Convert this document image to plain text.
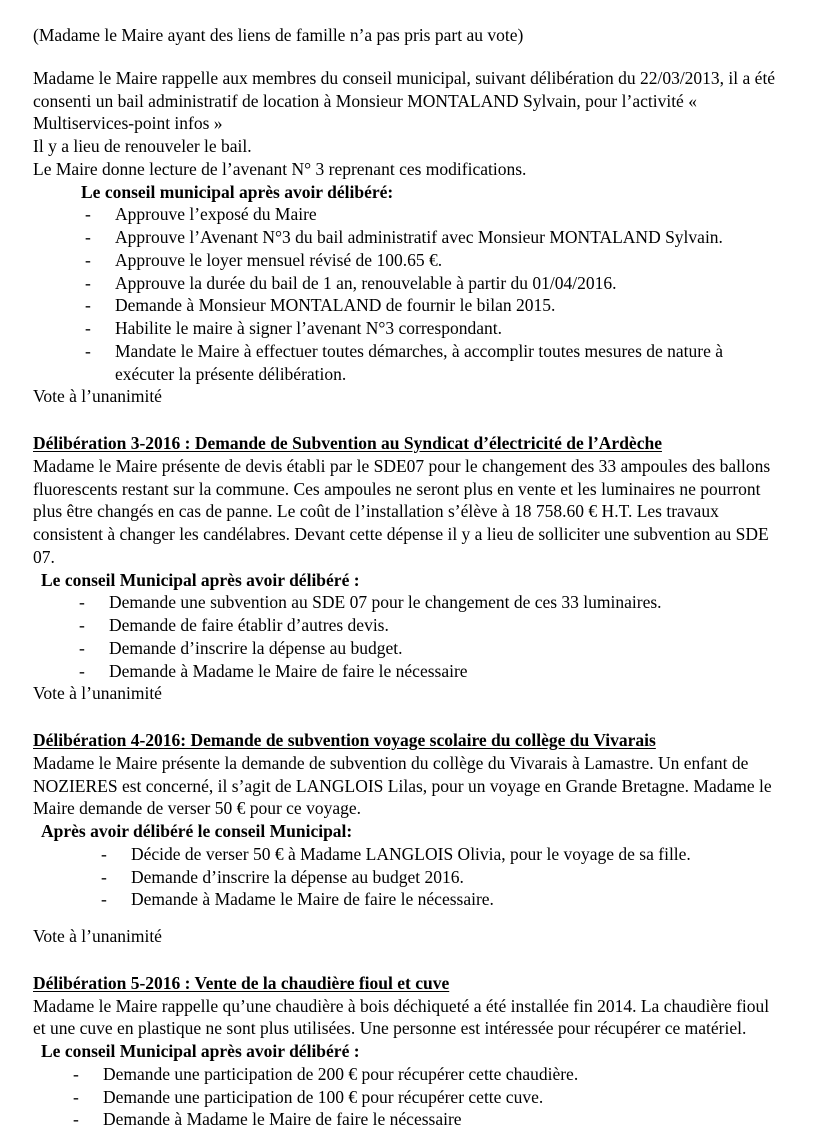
(Madame le Maire ayant des liens de famille n’a pas pris part au vote)

Madame le Maire rappelle aux membres du conseil municipal, suivant délibération du 22/03/2013, il a été consenti un bail administratif de location à Monsieur MONTALAND Sylvain, pour l’activité « Multiservices-point infos »

Il y a lieu de renouveler le bail.

Le Maire donne lecture de l’avenant N° 3 reprenant ces modifications.

Le conseil municipal après avoir délibéré:

- Approuve l’exposé du Maire
- Approuve l’Avenant N°3 du bail administratif avec Monsieur MONTALAND Sylvain.
- Approuve le loyer mensuel révisé de 100.65 €.
- Approuve la durée du bail de 1 an, renouvelable à partir du 01/04/2016.
- Demande à Monsieur MONTALAND de fournir le bilan 2015.
- Habilite le maire à signer l’avenant N°3 correspondant.
- Mandate le Maire à effectuer toutes démarches, à accomplir toutes mesures de nature à exécuter la présente délibération.

Vote à l’unanimité

Délibération 3-2016 : Demande de Subvention au Syndicat d’électricité de l’Ardèche

Madame le Maire présente de devis établi par le SDE07 pour le changement des 33 ampoules des ballons fluorescents restant sur la commune. Ces ampoules ne seront plus en vente et les luminaires ne pourront plus être changés en cas de panne. Le coût de l’installation s’élève à 18 758.60 € H.T. Les travaux consistent à changer les candélabres. Devant cette dépense il y a lieu de solliciter une subvention au SDE 07.

Le conseil Municipal après avoir délibéré :

- Demande une subvention au SDE 07 pour le changement de ces 33 luminaires.
- Demande de faire établir d’autres devis.
- Demande d’inscrire la dépense au budget.
- Demande à Madame le Maire de faire le nécessaire

Vote à l’unanimité

Délibération 4-2016: Demande de subvention voyage scolaire du collège du Vivarais

Madame le Maire présente la demande de subvention du collège du Vivarais à Lamastre. Un enfant de NOZIERES est concerné, il s’agit de LANGLOIS Lilas, pour un voyage en Grande Bretagne. Madame le Maire demande de verser 50 € pour ce voyage.

Après avoir délibéré le conseil Municipal:

- Décide de verser 50 € à Madame LANGLOIS Olivia, pour le voyage de sa fille.
- Demande d’inscrire la dépense au budget 2016.
- Demande à Madame le Maire de faire le nécessaire.

Vote à l’unanimité

Délibération 5-2016 : Vente de la chaudière fioul et cuve

Madame le Maire rappelle qu’une chaudière à bois déchiqueté a été installée fin 2014. La chaudière fioul et une cuve en plastique ne sont plus utilisées. Une personne est intéressée pour récupérer ce matériel.

Le conseil Municipal après avoir délibéré :

- Demande une participation de 200 € pour récupérer cette chaudière.
- Demande une participation de 100 € pour récupérer cette cuve.
- Demande à Madame le Maire de faire le nécessaire
